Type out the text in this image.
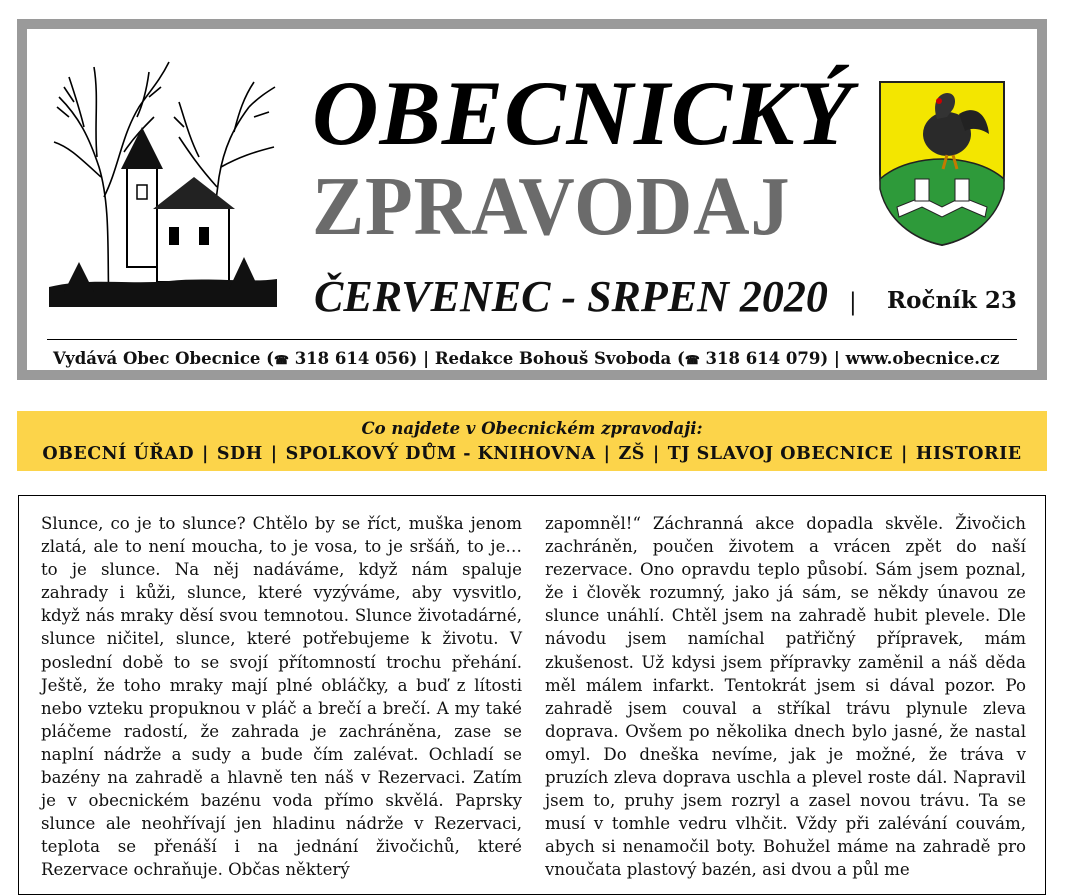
OBECNICKÝ
ZPRAVODAJ
ČERVENEC - SRPEN 2020 | Ročník 23
Vydává Obec Obecnice (☎ 318 614 056) | Redakce Bohouš Svoboda (☎ 318 614 079) | www.obecnice.cz
Co najdete v Obecnickém zpravodaji:
OBECNÍ ÚŘAD | SDH | SPOLKOVÝ DŮM - KNIHOVNA | ZŠ | TJ SLAVOJ OBECNICE | HISTORIE

Slunce, co je to slunce? Chtělo by se říct, muška jenom zlatá, ale to není moucha, to je vosa, to je sršáň, to je… to je slunce. Na něj nadáváme, když nám spaluje zahrady i kůži, slunce, které vyzýváme, aby vysvitlo, když nás mraky děsí svou temnotou. Slunce životadárné, slunce ničitel, slunce, které potřebujeme k životu. V poslední době to se svojí přítomností trochu přehání. Ještě, že toho mraky mají plné obláčky, a buď z lítosti nebo vzteku propuknou v pláč a brečí a brečí. A my také pláčeme radostí, že zahrada je zachráněna, zase se naplní nádrže a sudy a bude čím zalévat. Ochladí se bazény na zahradě a hlavně ten náš v Rezervaci. Zatím je v obecnickém bazénu voda přímo skvělá. Paprsky slunce ale neohřívají jen hladinu nádrže v Rezervaci, teplota se přenáší i na jednání živočichů, které Rezervace ochraňuje. Občas některý

zapomněl!“ Záchranná akce dopadla skvěle. Živočich zachráněn, poučen životem a vrácen zpět do naší rezervace. Ono opravdu teplo působí. Sám jsem poznal, že i člověk rozumný, jako já sám, se někdy únavou ze slunce unáhlí. Chtěl jsem na zahradě hubit plevele. Dle návodu jsem namíchal patřičný přípravek, mám zkušenost. Už kdysi jsem přípravky zaměnil a náš děda měl málem infarkt. Tentokrát jsem si dával pozor. Po zahradě jsem couval a stříkal trávu plynule zleva doprava. Ovšem po několika dnech bylo jasné, že nastal omyl. Do dneška nevíme, jak je možné, že tráva v pruzích zleva doprava uschla a plevel roste dál. Napravil jsem to, pruhy jsem rozryl a zasel novou trávu. Ta se musí v tomhle vedru vlhčit. Vždy při zalévání couvám, abych si nenamočil boty. Bohužel máme na zahradě pro vnoučata plastový bazén, asi dvou a půl me
